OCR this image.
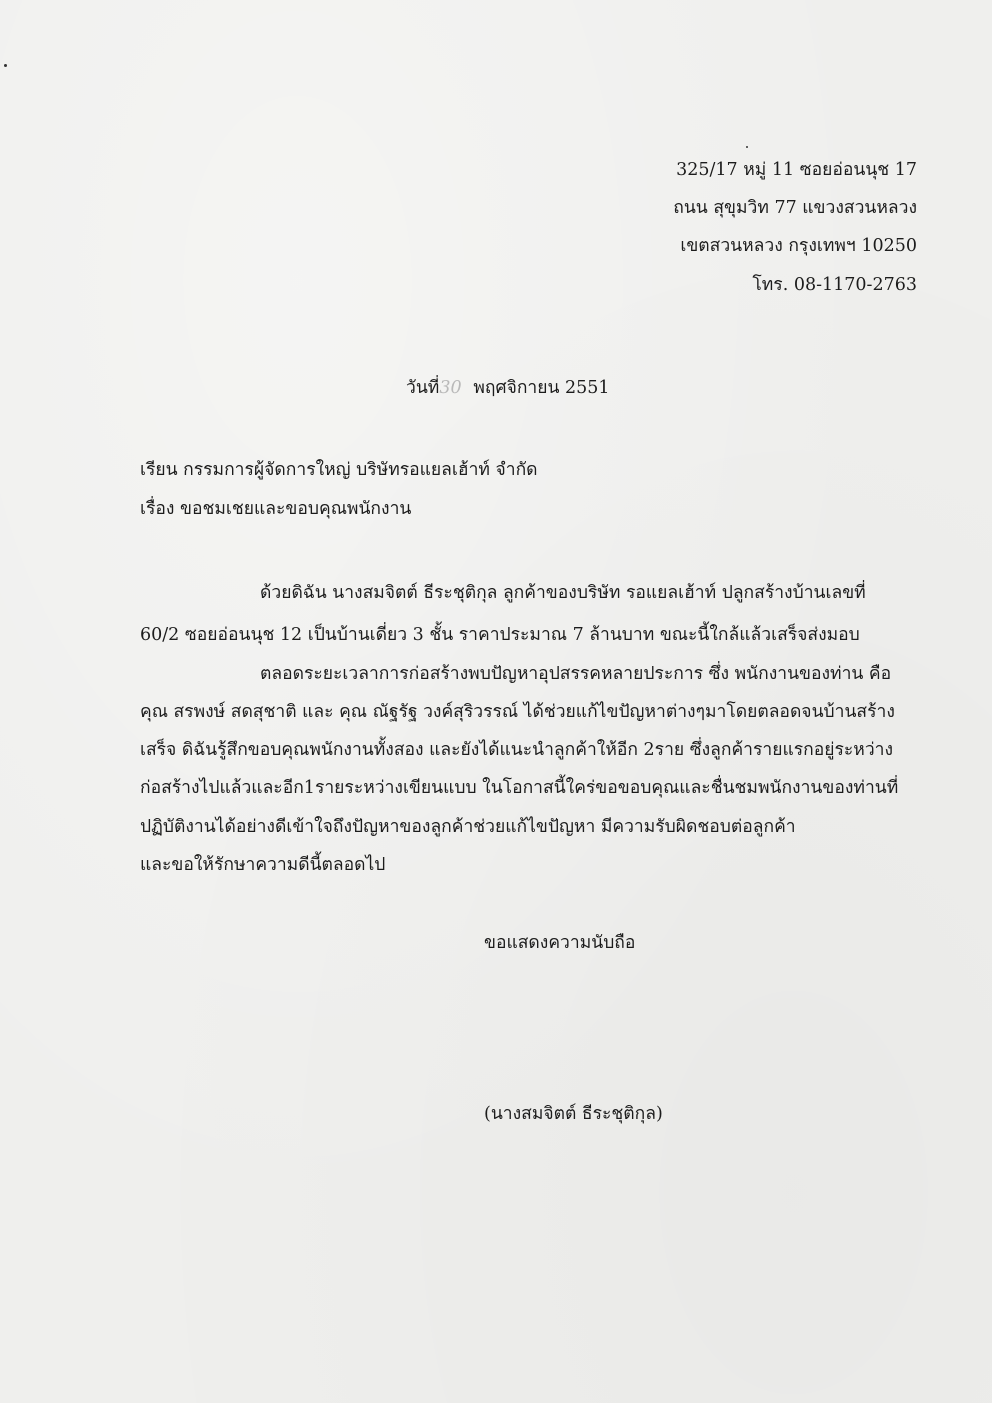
325/17 หมู่ 11 ซอยอ่อนนุช 17
ถนน สุขุมวิท 77 แขวงสวนหลวง
เขตสวนหลวง กรุงเทพฯ 10250
โทร. 08-1170-2763
วันที่30 พฤศจิกายน 2551
เรียน กรรมการผู้จัดการใหญ่ บริษัทรอแยลเฮ้าท์ จำกัด
เรื่อง ขอชมเชยและขอบคุณพนักงาน
ด้วยดิฉัน นางสมจิตต์ ธีระชุติกุล ลูกค้าของบริษัท รอแยลเฮ้าท์ ปลูกสร้างบ้านเลขที่
60/2 ซอยอ่อนนุช 12 เป็นบ้านเดี่ยว 3 ชั้น ราคาประมาณ 7 ล้านบาท ขณะนี้ใกล้แล้วเสร็จส่งมอบ
ตลอดระยะเวลาการก่อสร้างพบปัญหาอุปสรรคหลายประการ ซึ่ง พนักงานของท่าน คือ
คุณ สรพงษ์ สดสุชาติ และ คุณ ณัฐรัฐ วงค์สุริวรรณ์ ได้ช่วยแก้ไขปัญหาต่างๆมาโดยตลอดจนบ้านสร้าง
เสร็จ ดิฉันรู้สึกขอบคุณพนักงานทั้งสอง และยังได้แนะนำลูกค้าให้อีก 2ราย ซึ่งลูกค้ารายแรกอยู่ระหว่าง
ก่อสร้างไปแล้วและอีก1รายระหว่างเขียนแบบ ในโอกาสนี้ใคร่ขอขอบคุณและชื่นชมพนักงานของท่านที่
ปฏิบัติงานได้อย่างดีเข้าใจถึงปัญหาของลูกค้าช่วยแก้ไขปัญหา มีความรับผิดชอบต่อลูกค้า
และขอให้รักษาความดีนี้ตลอดไป
ขอแสดงความนับถือ
(นางสมจิตต์ ธีระชุติกุล)
